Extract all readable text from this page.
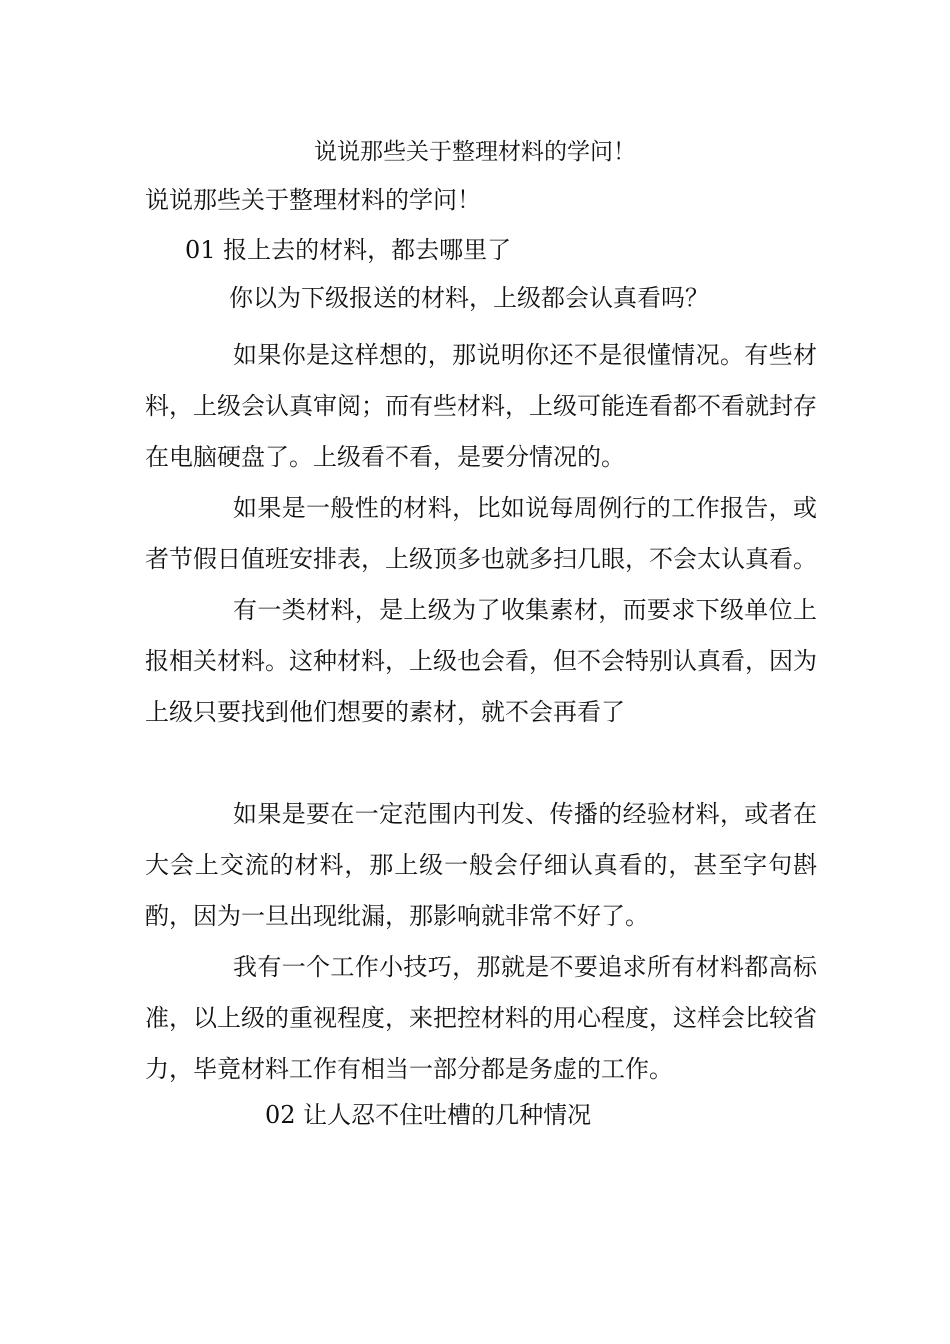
说说那些关于整理材料的学问！

说说那些关于整理材料的学问！

01 报上去的材料，都去哪里了

你以为下级报送的材料，上级都会认真看吗？

如果你是这样想的，那说明你还不是很懂情况。有些材料，上级会认真审阅；而有些材料，上级可能连看都不看就封存在电脑硬盘了。上级看不看，是要分情况的。

如果是一般性的材料，比如说每周例行的工作报告，或者节假日值班安排表，上级顶多也就多扫几眼，不会太认真看。

有一类材料，是上级为了收集素材，而要求下级单位上报相关材料。这种材料，上级也会看，但不会特别认真看，因为上级只要找到他们想要的素材，就不会再看了

如果是要在一定范围内刊发、传播的经验材料，或者在大会上交流的材料，那上级一般会仔细认真看的，甚至字句斟酌，因为一旦出现纰漏，那影响就非常不好了。

我有一个工作小技巧，那就是不要追求所有材料都高标准，以上级的重视程度，来把控材料的用心程度，这样会比较省力，毕竟材料工作有相当一部分都是务虚的工作。

02 让人忍不住吐槽的几种情况
